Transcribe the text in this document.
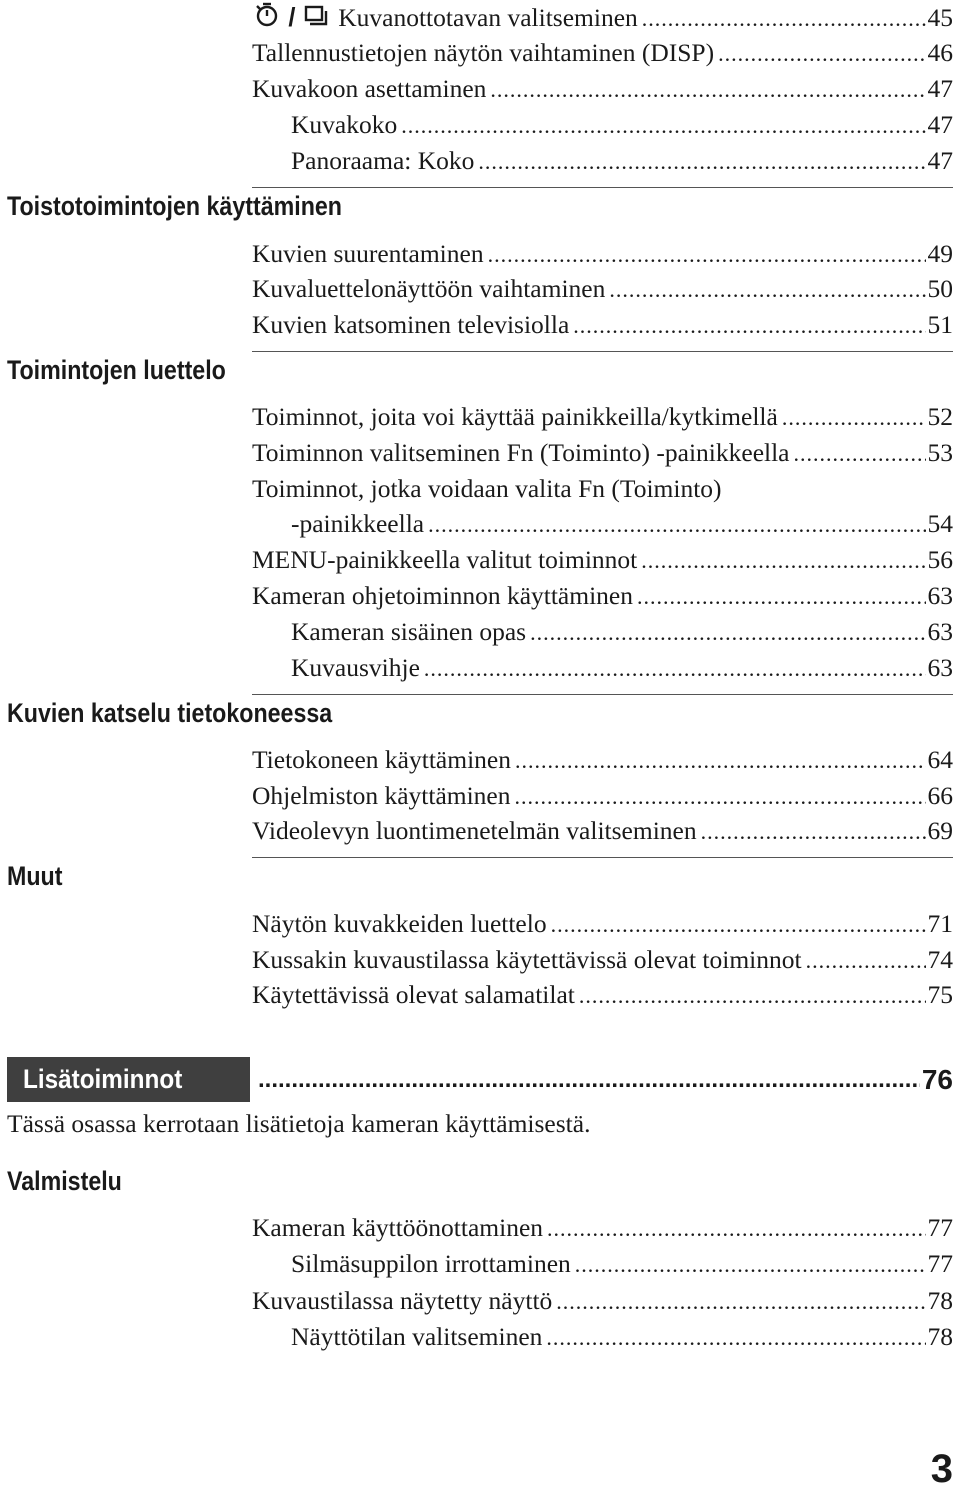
/ Kuvanottotavan valitseminen .....	45
Tallennustietojen näytön vaihtaminen (DISP) .....	46
Kuvakoon asettaminen .....	47
Kuvakoko .....	47
Panoraama: Koko .....	47
Toistotoimintojen käyttäminen
Kuvien suurentaminen .....	49
Kuvaluettelonäyttöön vaihtaminen .....	50
Kuvien katsominen televisiolla .....	51
Toimintojen luettelo
Toiminnot, joita voi käyttää painikkeilla/kytkimellä .....	52
Toiminnon valitseminen Fn (Toiminto) -painikkeella .....	53
Toiminnot, jotka voidaan valita Fn (Toiminto)
-painikkeella .....	54
MENU-painikkeella valitut toiminnot .....	56
Kameran ohjetoiminnon käyttäminen .....	63
Kameran sisäinen opas .....	63
Kuvausvihje .....	63
Kuvien katselu tietokoneessa
Tietokoneen käyttäminen .....	64
Ohjelmiston käyttäminen .....	66
Videolevyn luontimenetelmän valitseminen .....	69
Muut
Näytön kuvakkeiden luettelo .....	71
Kussakin kuvaustilassa käytettävissä olevat toiminnot .....	74
Käytettävissä olevat salamatilat .....	75
Lisätoiminnot .....	76
Tässä osassa kerrotaan lisätietoja kameran käyttämisestä.
Valmistelu
Kameran käyttöönottaminen .....	77
Silmäsuppilon irrottaminen .....	77
Kuvaustilassa näytetty näyttö .....	78
Näyttötilan valitseminen .....	78
3
